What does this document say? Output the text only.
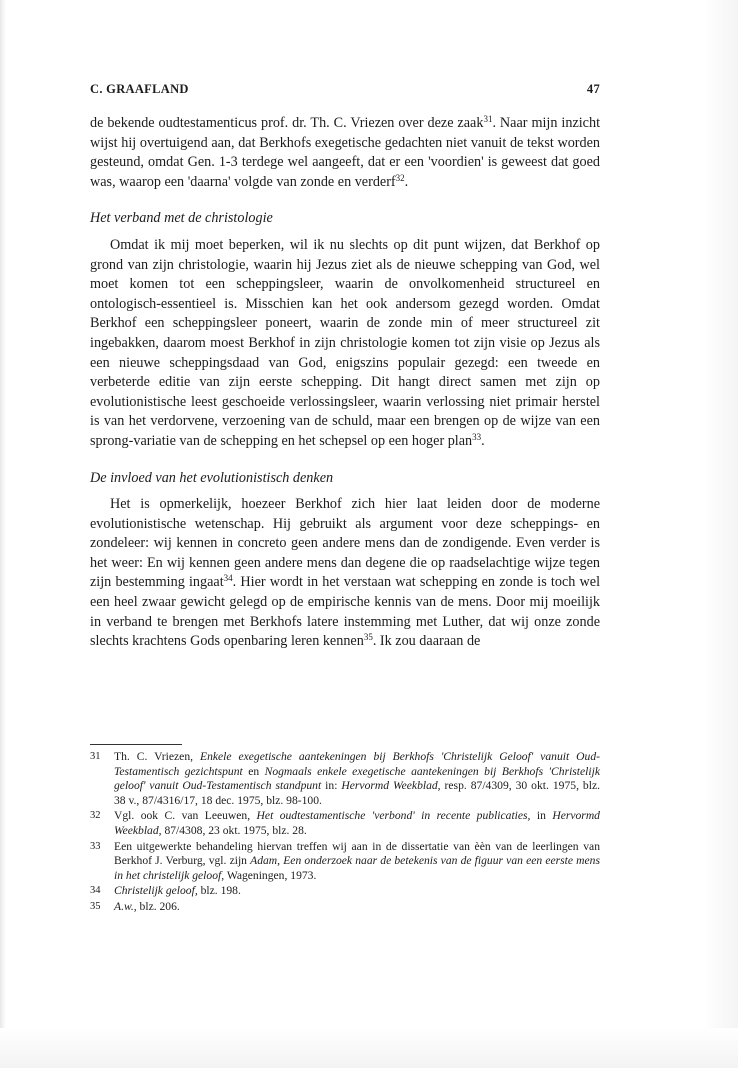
C. GRAAFLAND	47

de bekende oudtestamenticus prof. dr. Th. C. Vriezen over deze zaak$^{31}$. Naar mijn inzicht wijst hij overtuigend aan, dat Berkhofs exegetische gedachten niet vanuit de tekst worden gesteund, omdat Gen. 1-3 terdege wel aangeeft, dat er een 'voordien' is geweest dat goed was, waarop een 'daarna' volgde van zonde en verderf$^{32}$.

Het verband met de christologie

Omdat ik mij moet beperken, wil ik nu slechts op dit punt wijzen, dat Berkhof op grond van zijn christologie, waarin hij Jezus ziet als de nieuwe schepping van God, wel moet komen tot een scheppingsleer, waarin de onvolkomenheid structureel en ontologisch-essentieel is. Misschien kan het ook andersom gezegd worden. Omdat Berkhof een scheppingsleer poneert, waarin de zonde min of meer structureel zit ingebakken, daarom moest Berkhof in zijn christologie komen tot zijn visie op Jezus als een nieuwe scheppingsdaad van God, enigszins populair gezegd: een tweede en verbeterde editie van zijn eerste schepping. Dit hangt direct samen met zijn op evolutionistische leest geschoeide verlossingsleer, waarin verlossing niet primair herstel is van het verdorvene, verzoening van de schuld, maar een brengen op de wijze van een sprong-variatie van de schepping en het schepsel op een hoger plan$^{33}$.

De invloed van het evolutionistisch denken

Het is opmerkelijk, hoezeer Berkhof zich hier laat leiden door de moderne evolutionistische wetenschap. Hij gebruikt als argument voor deze scheppings- en zondeleer: wij kennen in concreto geen andere mens dan de zondigende. Even verder is het weer: En wij kennen geen andere mens dan degene die op raadselachtige wijze tegen zijn bestemming ingaat$^{34}$. Hier wordt in het verstaan wat schepping en zonde is toch wel een heel zwaar gewicht gelegd op de empirische kennis van de mens. Door mij moeilijk in verband te brengen met Berkhofs latere instemming met Luther, dat wij onze zonde slechts krachtens Gods openbaring leren kennen$^{35}$. Ik zou daaraan de

31	Th. C. Vriezen, Enkele exegetische aantekeningen bij Berkhofs 'Christelijk Geloof' vanuit Oud-Testamentisch gezichtspunt en Nogmaals enkele exegetische aantekeningen bij Berkhofs 'Christelijk geloof' vanuit Oud-Testamentisch standpunt in: Hervormd Weekblad, resp. 87/4309, 30 okt. 1975, blz. 38 v., 87/4316/17, 18 dec. 1975, blz. 98-100.
32	Vgl. ook C. van Leeuwen, Het oudtestamentische 'verbond' in recente publicaties, in Hervormd Weekblad, 87/4308, 23 okt. 1975, blz. 28.
33	Een uitgewerkte behandeling hiervan treffen wij aan in de dissertatie van èèn van de leerlingen van Berkhof J. Verburg, vgl. zijn Adam, Een onderzoek naar de betekenis van de figuur van een eerste mens in het christelijk geloof, Wageningen, 1973.
34	Christelijk geloof, blz. 198.
35	A.w., blz. 206.
